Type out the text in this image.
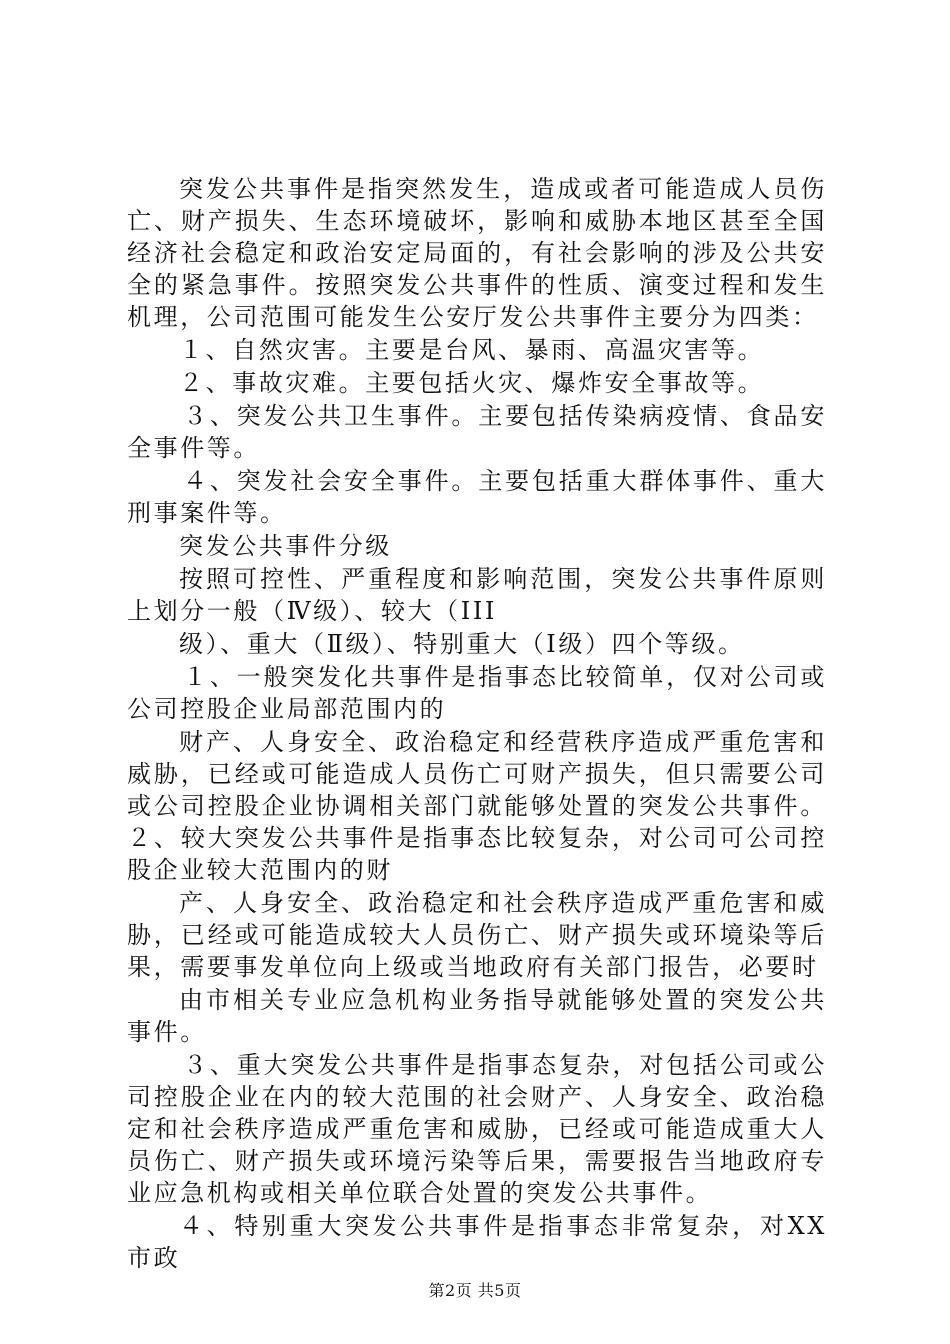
突发公共事件是指突然发生，造成或者可能造成人员伤亡、财产损失、生态环境破坏，影响和威胁本地区甚至全国经济社会稳定和政治安定局面的，有社会影响的涉及公共安全的紧急事件。按照突发公共事件的性质、演变过程和发生机理，公司范围可能发生公安厅发公共事件主要分为四类：

１、自然灾害。主要是台风、暴雨、高温灾害等。

２、事故灾难。主要包括火灾、爆炸安全事故等。

３、突发公共卫生事件。主要包括传染病疫情、食品安全事件等。

４、突发社会安全事件。主要包括重大群体事件、重大刑事案件等。

突发公共事件分级

按照可控性、严重程度和影响范围，突发公共事件原则上划分一般（Ⅳ级）、较大（III

级）、重大（Ⅱ级）、特别重大（Ⅰ级）四个等级。

１、一般突发化共事件是指事态比较简单，仅对公司或公司控股企业局部范围内的

财产、人身安全、政治稳定和经营秩序造成严重危害和威胁，已经或可能造成人员伤亡可财产损失，但只需要公司或公司控股企业协调相关部门就能够处置的突发公共事件。２、较大突发公共事件是指事态比较复杂，对公司可公司控股企业较大范围内的财

产、人身安全、政治稳定和社会秩序造成严重危害和威胁，已经或可能造成较大人员伤亡、财产损失或环境染等后果，需要事发单位向上级或当地政府有关部门报告，必要时

由市相关专业应急机构业务指导就能够处置的突发公共事件。

３、重大突发公共事件是指事态复杂，对包括公司或公司控股企业在内的较大范围的社会财产、人身安全、政治稳定和社会秩序造成严重危害和威胁，已经或可能造成重大人员伤亡、财产损失或环境污染等后果，需要报告当地政府专业应急机构或相关单位联合处置的突发公共事件。

４、特别重大突发公共事件是指事态非常复杂，对XX市政

第2页 共5页
